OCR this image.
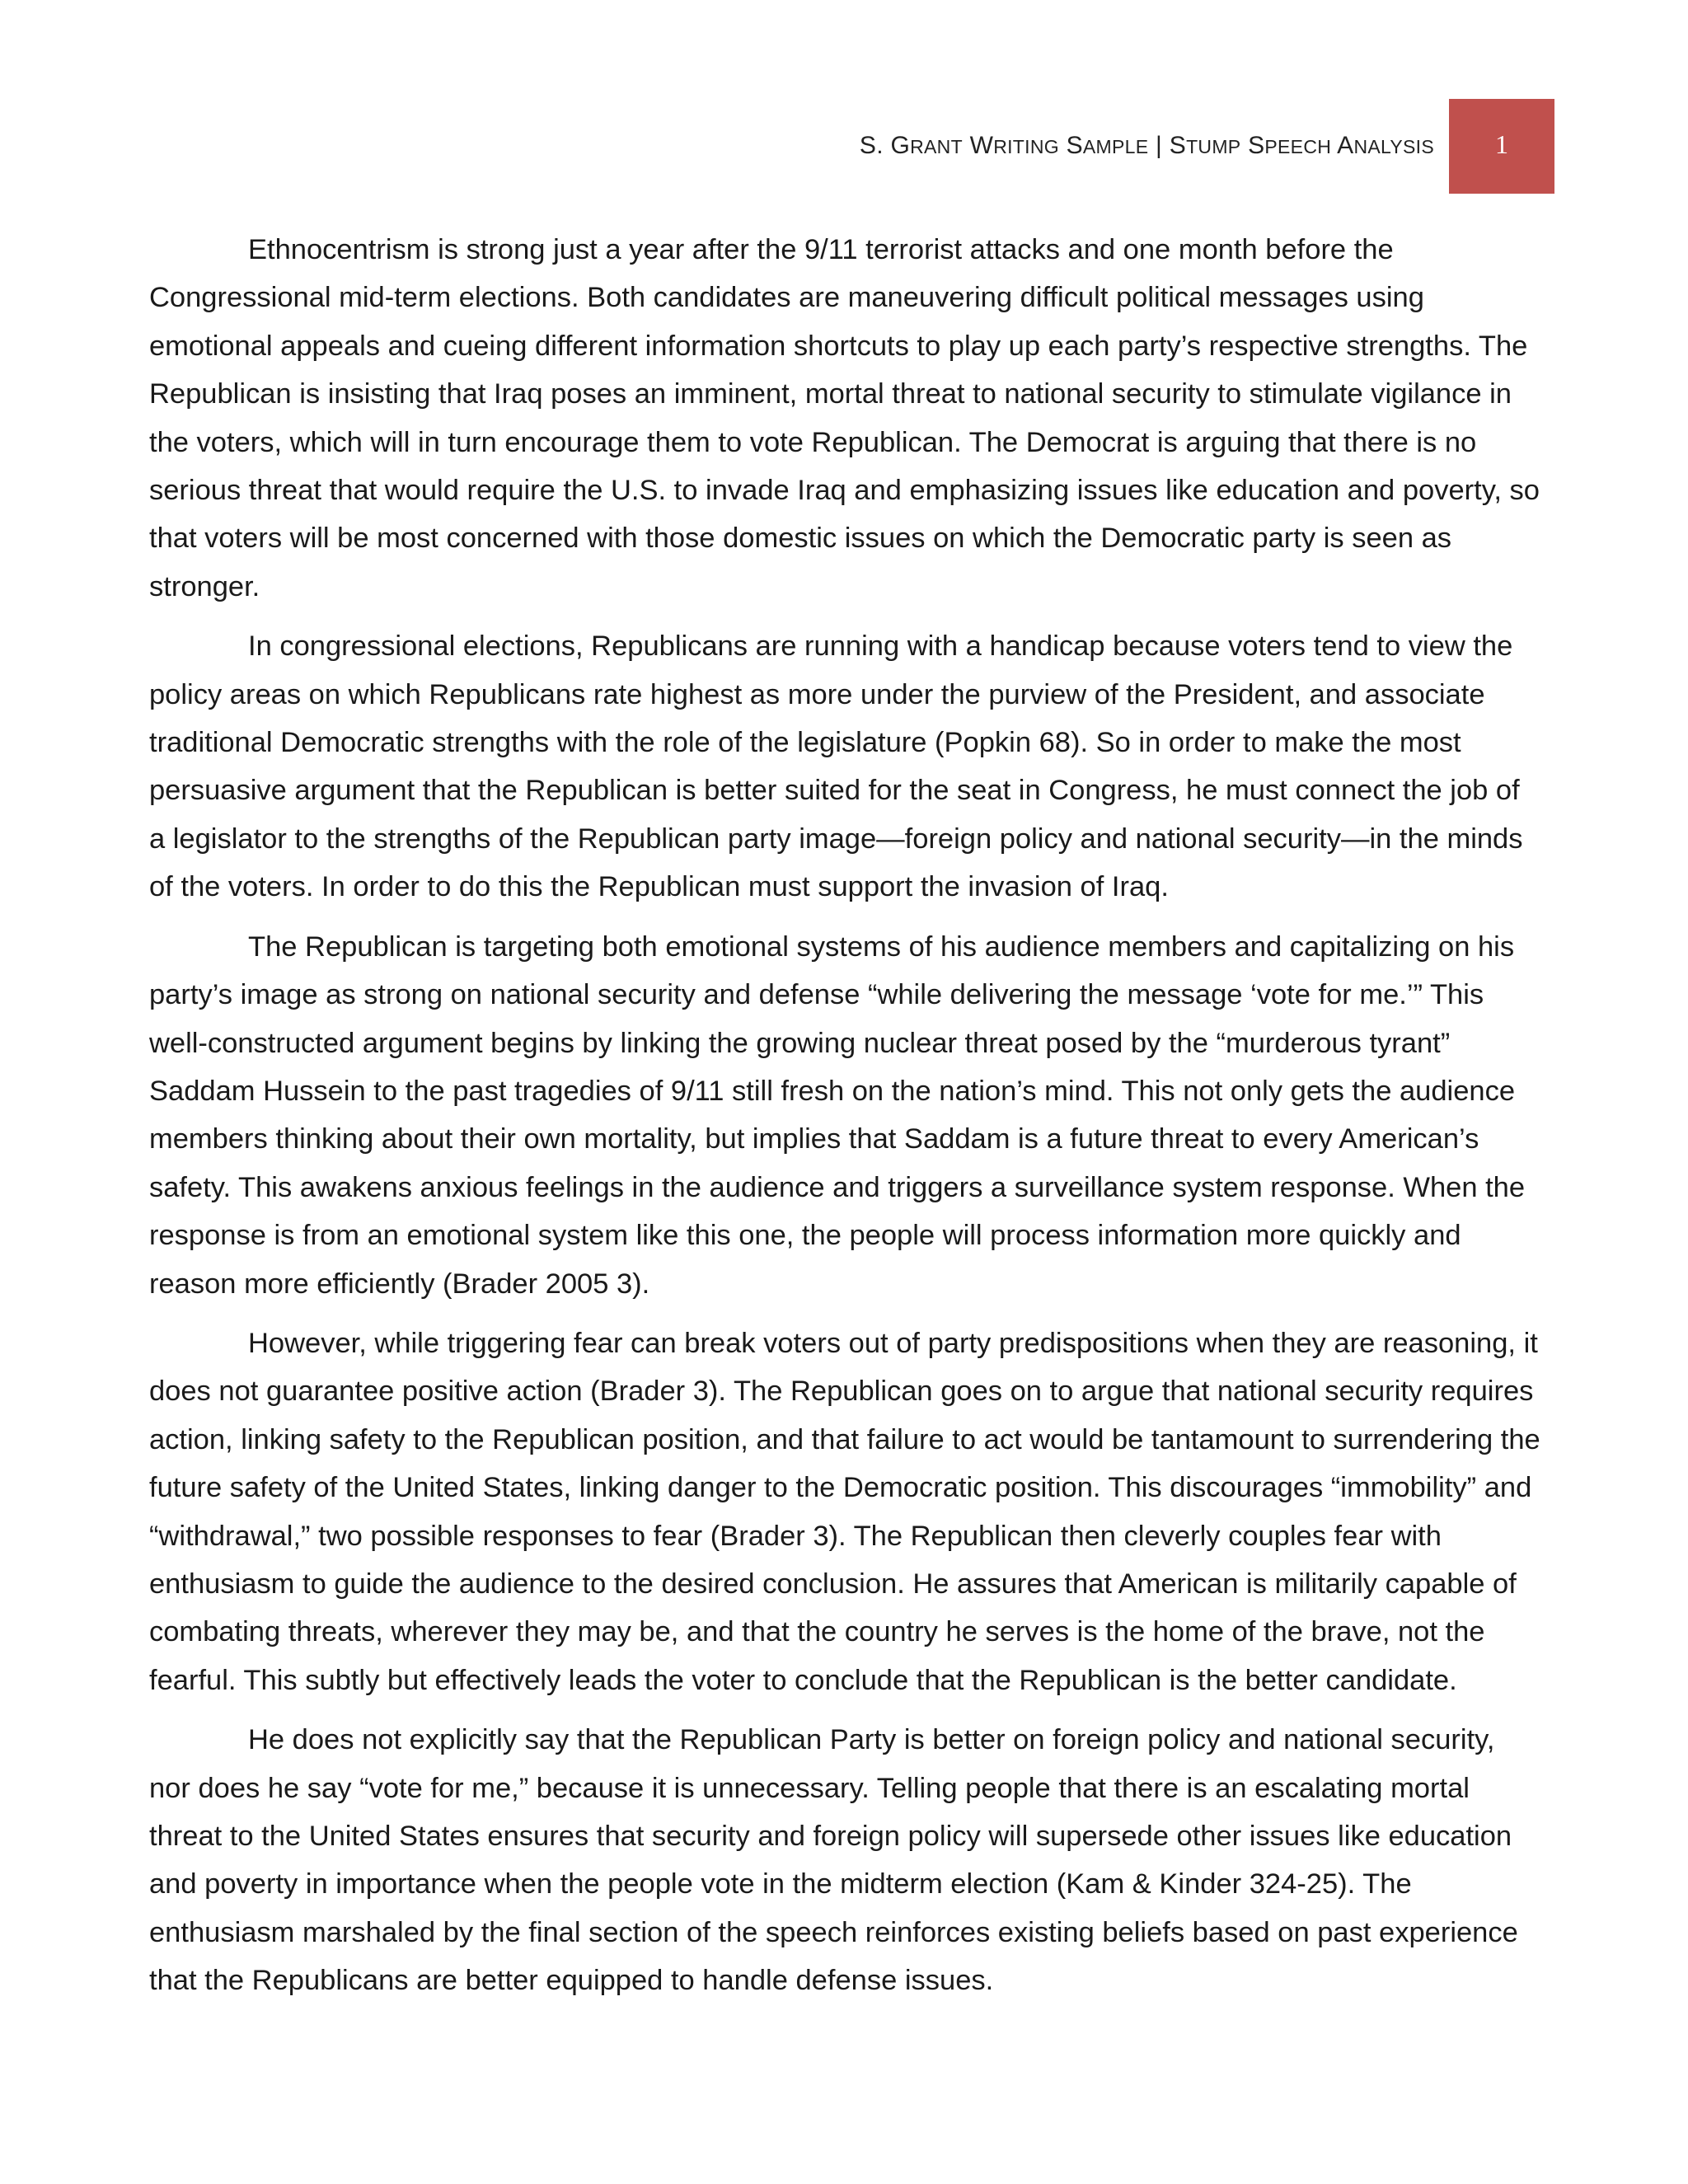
S. GRANT WRITING SAMPLE | STUMP SPEECH ANALYSIS	1

Ethnocentrism is strong just a year after the 9/11 terrorist attacks and one month before the Congressional mid-term elections. Both candidates are maneuvering difficult political messages using emotional appeals and cueing different information shortcuts to play up each party’s respective strengths. The Republican is insisting that Iraq poses an imminent, mortal threat to national security to stimulate vigilance in the voters, which will in turn encourage them to vote Republican. The Democrat is arguing that there is no serious threat that would require the U.S. to invade Iraq and emphasizing issues like education and poverty, so that voters will be most concerned with those domestic issues on which the Democratic party is seen as stronger.

In congressional elections, Republicans are running with a handicap because voters tend to view the policy areas on which Republicans rate highest as more under the purview of the President, and associate traditional Democratic strengths with the role of the legislature (Popkin 68). So in order to make the most persuasive argument that the Republican is better suited for the seat in Congress, he must connect the job of a legislator to the strengths of the Republican party image—foreign policy and national security—in the minds of the voters. In order to do this the Republican must support the invasion of Iraq.

The Republican is targeting both emotional systems of his audience members and capitalizing on his party’s image as strong on national security and defense “while delivering the message ‘vote for me.’” This well-constructed argument begins by linking the growing nuclear threat posed by the “murderous tyrant” Saddam Hussein to the past tragedies of 9/11 still fresh on the nation’s mind. This not only gets the audience members thinking about their own mortality, but implies that Saddam is a future threat to every American’s safety. This awakens anxious feelings in the audience and triggers a surveillance system response. When the response is from an emotional system like this one, the people will process information more quickly and reason more efficiently (Brader 2005 3).

However, while triggering fear can break voters out of party predispositions when they are reasoning, it does not guarantee positive action (Brader 3). The Republican goes on to argue that national security requires action, linking safety to the Republican position, and that failure to act would be tantamount to surrendering the future safety of the United States, linking danger to the Democratic position. This discourages “immobility” and “withdrawal,” two possible responses to fear (Brader 3). The Republican then cleverly couples fear with enthusiasm to guide the audience to the desired conclusion. He assures that American is militarily capable of combating threats, wherever they may be, and that the country he serves is the home of the brave, not the fearful. This subtly but effectively leads the voter to conclude that the Republican is the better candidate.

He does not explicitly say that the Republican Party is better on foreign policy and national security, nor does he say “vote for me,” because it is unnecessary. Telling people that there is an escalating mortal threat to the United States ensures that security and foreign policy will supersede other issues like education and poverty in importance when the people vote in the midterm election (Kam & Kinder 324-25). The enthusiasm marshaled by the final section of the speech reinforces existing beliefs based on past experience that the Republicans are better equipped to handle defense issues.
